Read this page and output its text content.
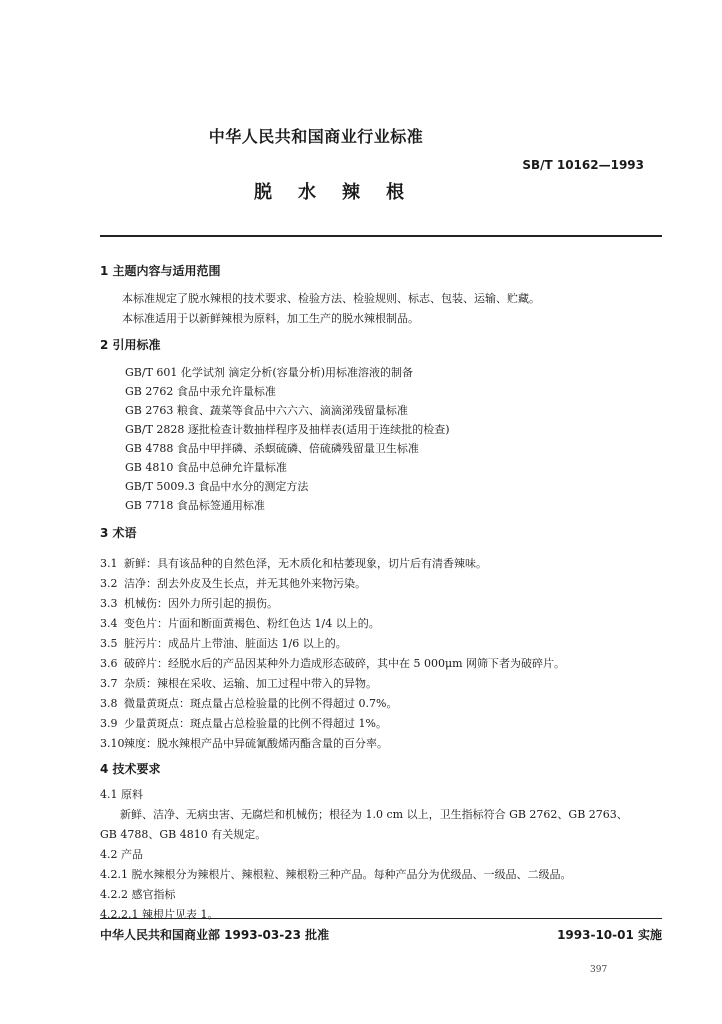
中华人民共和国商业行业标准
SB/T 10162—1993
脱水辣根
1 主题内容与适用范围
本标准规定了脱水辣根的技术要求、检验方法、检验规则、标志、包装、运输、贮藏。
本标准适用于以新鲜辣根为原料，加工生产的脱水辣根制品。
2 引用标准
GB/T 601 化学试剂 滴定分析(容量分析)用标准溶液的制备
GB 2762 食品中汞允许量标准
GB 2763 粮食、蔬菜等食品中六六六、滴滴涕残留量标准
GB/T 2828 逐批检查计数抽样程序及抽样表(适用于连续批的检查)
GB 4788 食品中甲拌磷、杀螟硫磷、倍硫磷残留量卫生标准
GB 4810 食品中总砷允许量标准
GB/T 5009.3 食品中水分的测定方法
GB 7718 食品标签通用标准
3 术语
3.1 新鲜：具有该品种的自然色泽，无木质化和枯萎现象，切片后有清香辣味。
3.2 洁净：刮去外皮及生长点，并无其他外来物污染。
3.3 机械伤：因外力所引起的损伤。
3.4 变色片：片面和断面黄褐色、粉红色达 1/4 以上的。
3.5 脏污片：成品片上带油、脏面达 1/6 以上的。
3.6 破碎片：经脱水后的产品因某种外力造成形态破碎，其中在 5 000μm 网筛下者为破碎片。
3.7 杂质：辣根在采收、运输、加工过程中带入的异物。
3.8 微量黄斑点：斑点量占总检验量的比例不得超过 0.7%。
3.9 少量黄斑点：斑点量占总检验量的比例不得超过 1%。
3.10辣度：脱水辣根产品中异硫氰酸烯丙酯含量的百分率。
4 技术要求
4.1 原料
新鲜、洁净、无病虫害、无腐烂和机械伤；根径为 1.0 cm 以上，卫生指标符合 GB 2762、GB 2763、
GB 4788、GB 4810 有关规定。
4.2 产品
4.2.1 脱水辣根分为辣根片、辣根粒、辣根粉三种产品。每种产品分为优级品、一级品、二级品。
4.2.2 感官指标
4.2.2.1 辣根片见表 1。
中华人民共和国商业部 1993-03-23 批准	1993-10-01 实施
397
